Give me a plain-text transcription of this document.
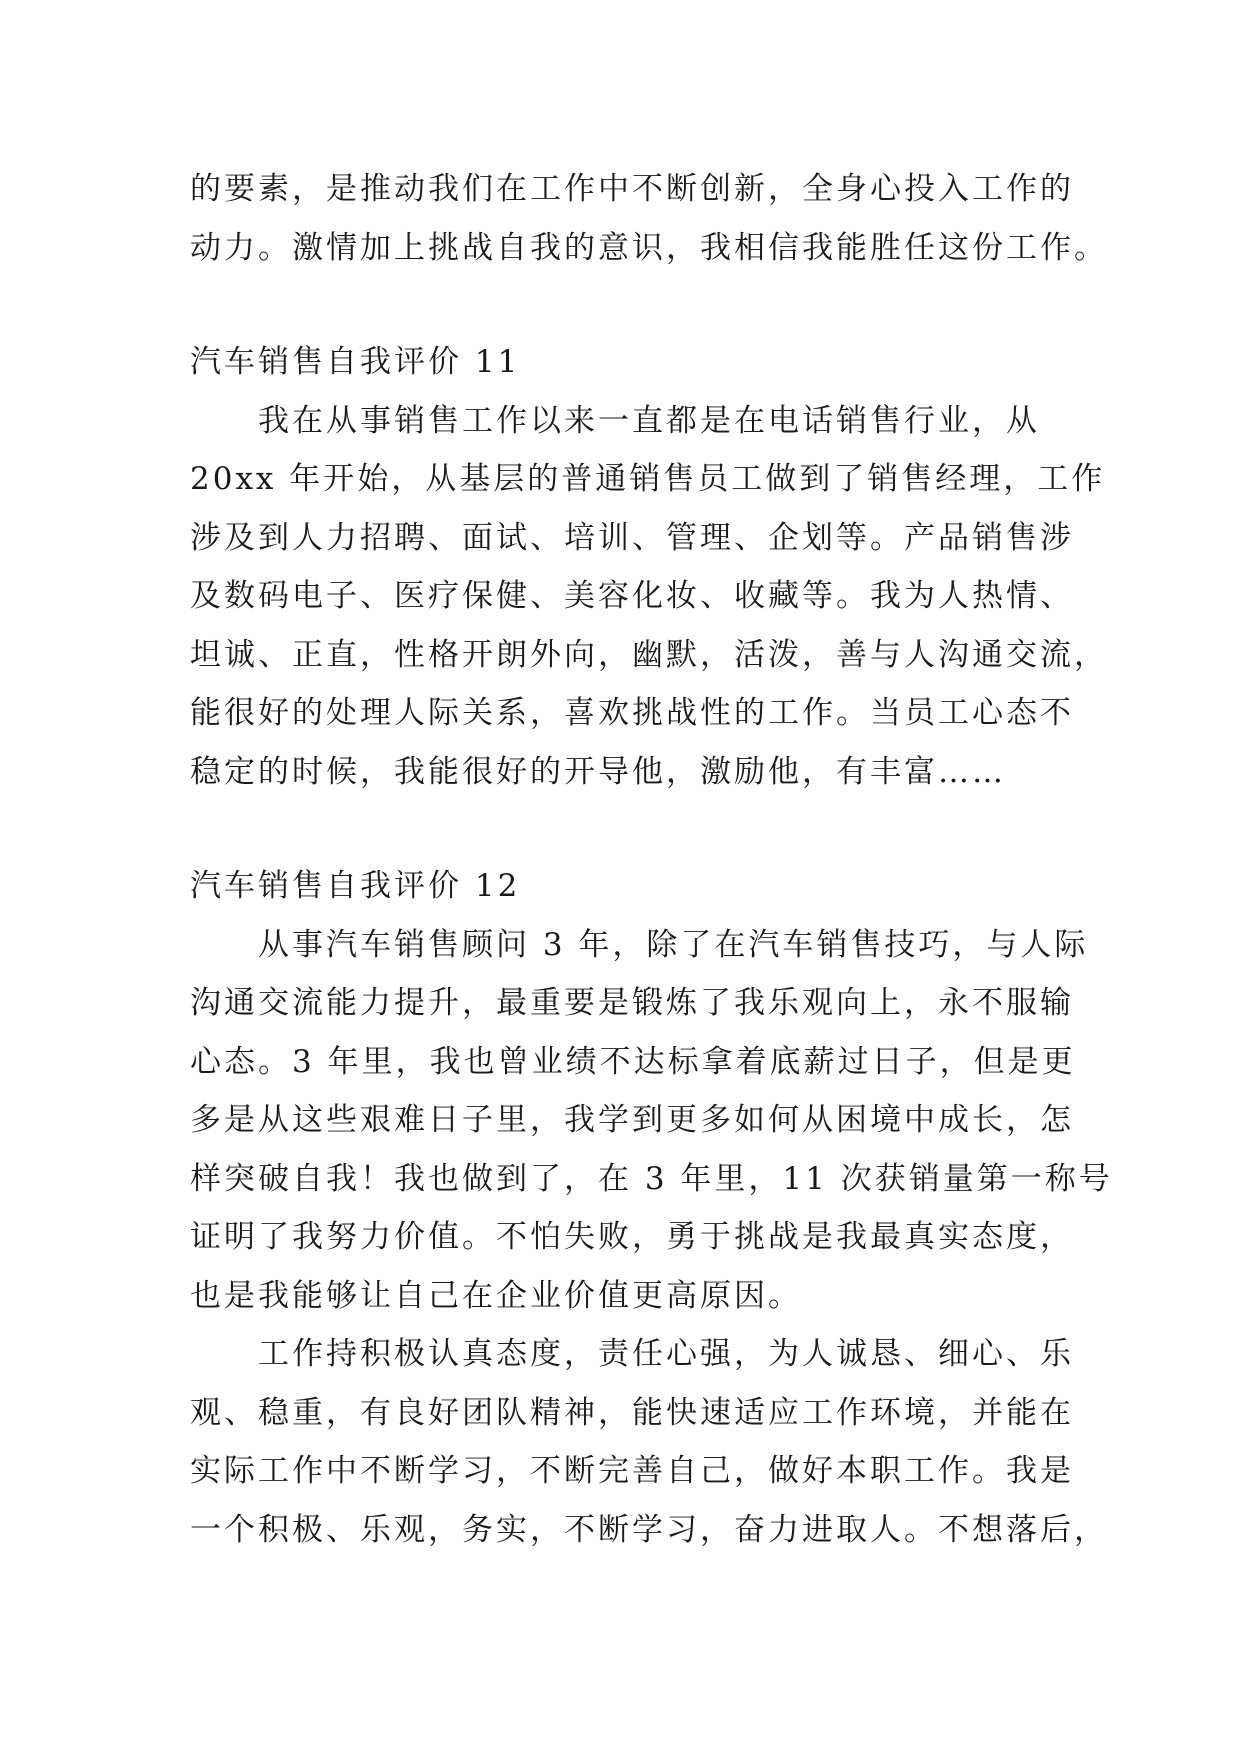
的要素，是推动我们在工作中不断创新，全身心投入工作的
动力。激情加上挑战自我的意识，我相信我能胜任这份工作。
汽车销售自我评价 11
　　我在从事销售工作以来一直都是在电话销售行业，从
20xx 年开始，从基层的普通销售员工做到了销售经理，工作
涉及到人力招聘、面试、培训、管理、企划等。产品销售涉
及数码电子、医疗保健、美容化妆、收藏等。我为人热情、
坦诚、正直，性格开朗外向，幽默，活泼，善与人沟通交流，
能很好的处理人际关系，喜欢挑战性的工作。当员工心态不
稳定的时候，我能很好的开导他，激励他，有丰富……
汽车销售自我评价 12
　　从事汽车销售顾问 3 年，除了在汽车销售技巧，与人际
沟通交流能力提升，最重要是锻炼了我乐观向上，永不服输
心态。3 年里，我也曾业绩不达标拿着底薪过日子，但是更
多是从这些艰难日子里，我学到更多如何从困境中成长，怎
样突破自我！我也做到了，在 3 年里，11 次获销量第一称号
证明了我努力价值。不怕失败，勇于挑战是我最真实态度，
也是我能够让自己在企业价值更高原因。
　　工作持积极认真态度，责任心强，为人诚恳、细心、乐
观、稳重，有良好团队精神，能快速适应工作环境，并能在
实际工作中不断学习，不断完善自己，做好本职工作。我是
一个积极、乐观，务实，不断学习，奋力进取人。不想落后，
